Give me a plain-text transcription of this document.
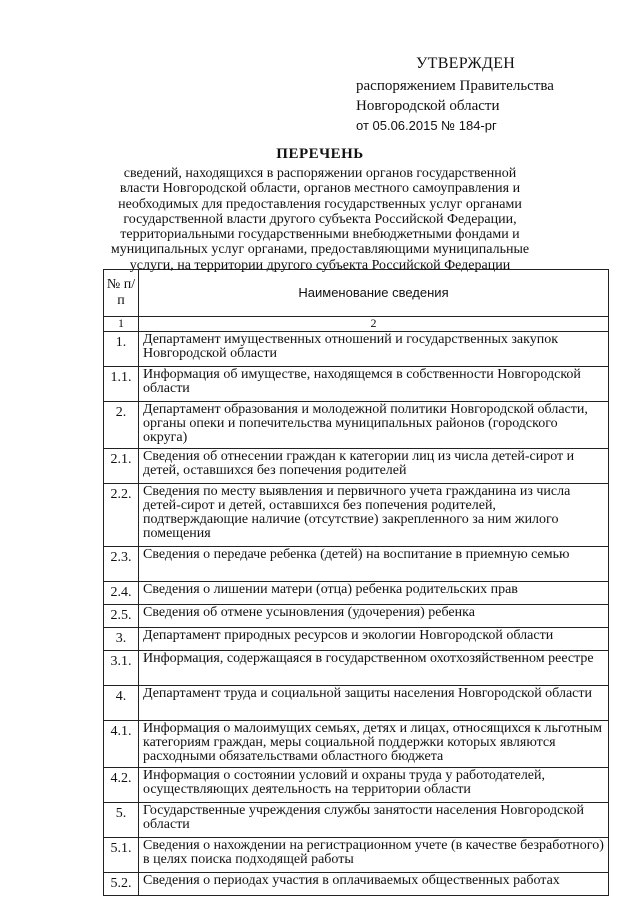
УТВЕРЖДЕН
распоряжением Правительства
Новгородской области
от 05.06.2015 № 184-рг
ПЕРЕЧЕНЬ
сведений, находящихся в распоряжении органов государственной власти Новгородской области, органов местного самоуправления и необходимых для предоставления государственных услуг органами государственной власти другого субъекта Российской Федерации, территориальными государственными внебюджетными фондами и муниципальных услуг органами, предоставляющими муниципальные услуги, на территории другого субъекта Российской Федерации
№ п/п	Наименование сведения
1	2
1.	Департамент имущественных отношений и государственных закупок Новгородской области
1.1.	Информация об имуществе, находящемся в собственности Новгородской области
2.	Департамент образования и молодежной политики Новгородской области, органы опеки и попечительства муниципальных районов (городского округа)
2.1.	Сведения об отнесении граждан к категории лиц из числа детей-сирот и детей, оставшихся без попечения родителей
2.2.	Сведения по месту выявления и первичного учета гражданина из числа детей-сирот и детей, оставшихся без попечения родителей, подтверждающие наличие (отсутствие) закрепленного за ним жилого помещения
2.3.	Сведения о передаче ребенка (детей) на воспитание в приемную семью
2.4.	Сведения о лишении матери (отца) ребенка родительских прав
2.5.	Сведения об отмене усыновления (удочерения) ребенка
3.	Департамент природных ресурсов и экологии Новгородской области
3.1.	Информация, содержащаяся в государственном охотхозяйственном реестре
4.	Департамент труда и социальной защиты населения Новгородской области
4.1.	Информация о малоимущих семьях, детях и лицах, относящихся к льготным категориям граждан, меры социальной поддержки которых являются расходными обязательствами областного бюджета
4.2.	Информация о состоянии условий и охраны труда у работодателей, осуществляющих деятельность на территории области
5.	Государственные учреждения службы занятости населения Новгородской области
5.1.	Сведения о нахождении на регистрационном учете (в качестве безработного) в целях поиска подходящей работы
5.2.	Сведения о периодах участия в оплачиваемых общественных работах
